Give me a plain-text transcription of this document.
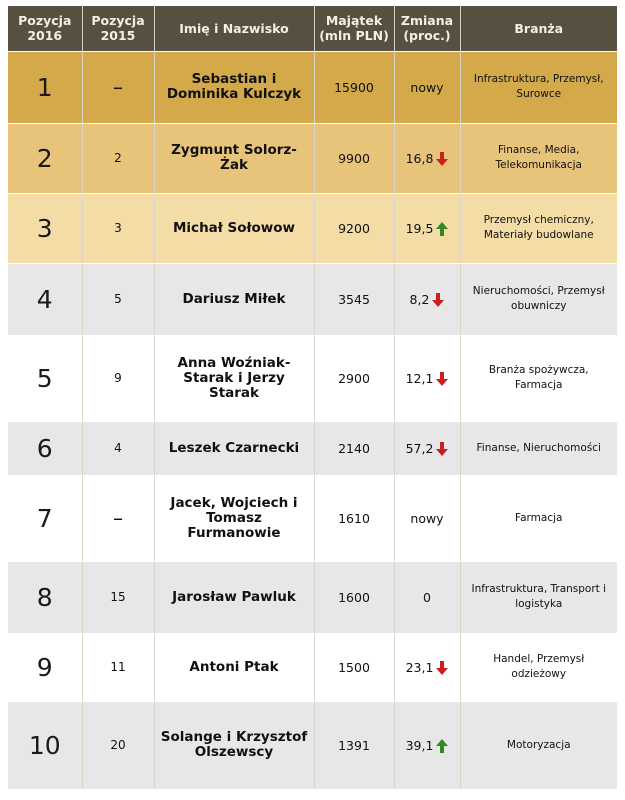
Pozycja 2016	Pozycja 2015	Imię i Nazwisko	Majątek (mln PLN)	Zmiana (proc.)	Branża
1	–	Sebastian i Dominika Kulczyk	15900	nowy	Infrastruktura, Przemysł, Surowce
2	2	Zygmunt Solorz-Żak	9900	16,8	Finanse, Media, Telekomunikacja
3	3	Michał Sołowow	9200	19,5	Przemysł chemiczny, Materiały budowlane
4	5	Dariusz Miłek	3545	8,2	Nieruchomości, Przemysł obuwniczy
5	9	Anna Woźniak-Starak i Jerzy Starak	2900	12,1	Branża spożywcza, Farmacja
6	4	Leszek Czarnecki	2140	57,2	Finanse, Nieruchomości
7	–	Jacek, Wojciech i Tomasz Furmanowie	1610	nowy	Farmacja
8	15	Jarosław Pawluk	1600	0	Infrastruktura, Transport i logistyka
9	11	Antoni Ptak	1500	23,1	Handel, Przemysł odzieżowy
10	20	Solange i Krzysztof Olszewscy	1391	39,1	Motoryzacja
